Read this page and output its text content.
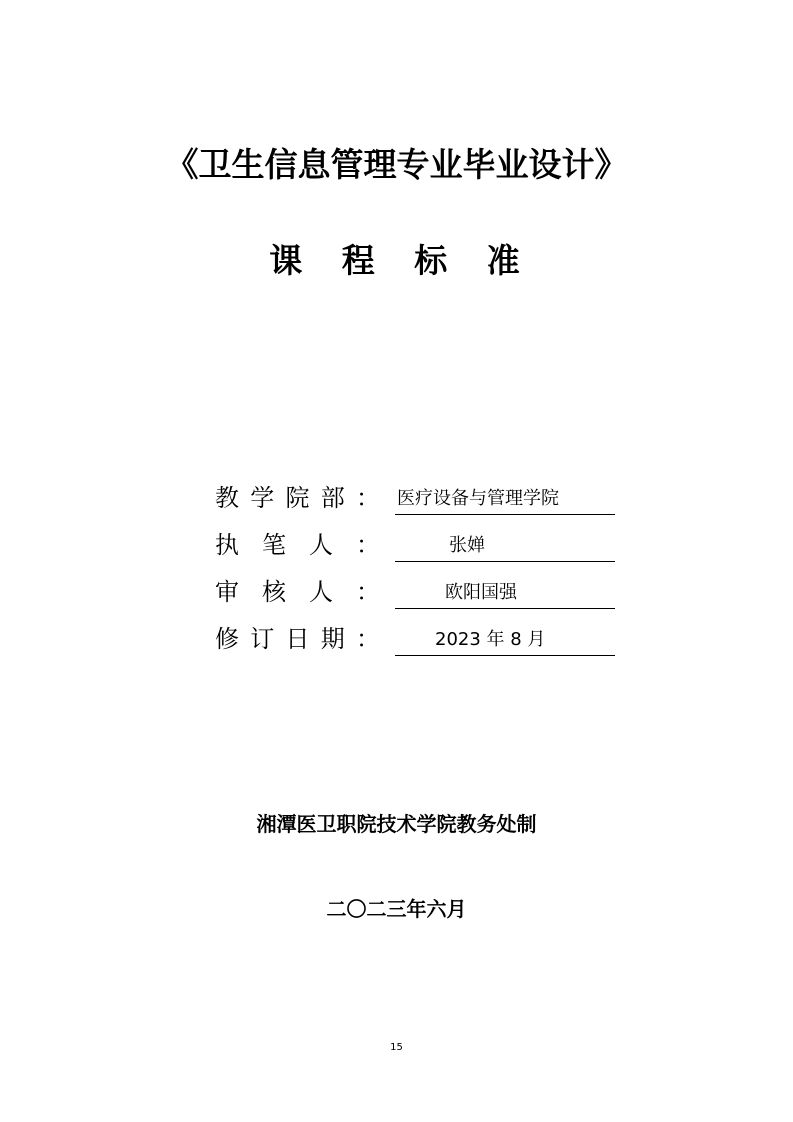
《卫生信息管理专业毕业设计》
课 程 标 准
教 学 院 部 ： 医疗设备与管理学院
执 笔 人 ：	张婵
审 核 人 ：	欧阳国强
修 订 日 期 ：	2023 年 8 月
湘潭医卫职院技术学院教务处制
二〇二三年六月
15
